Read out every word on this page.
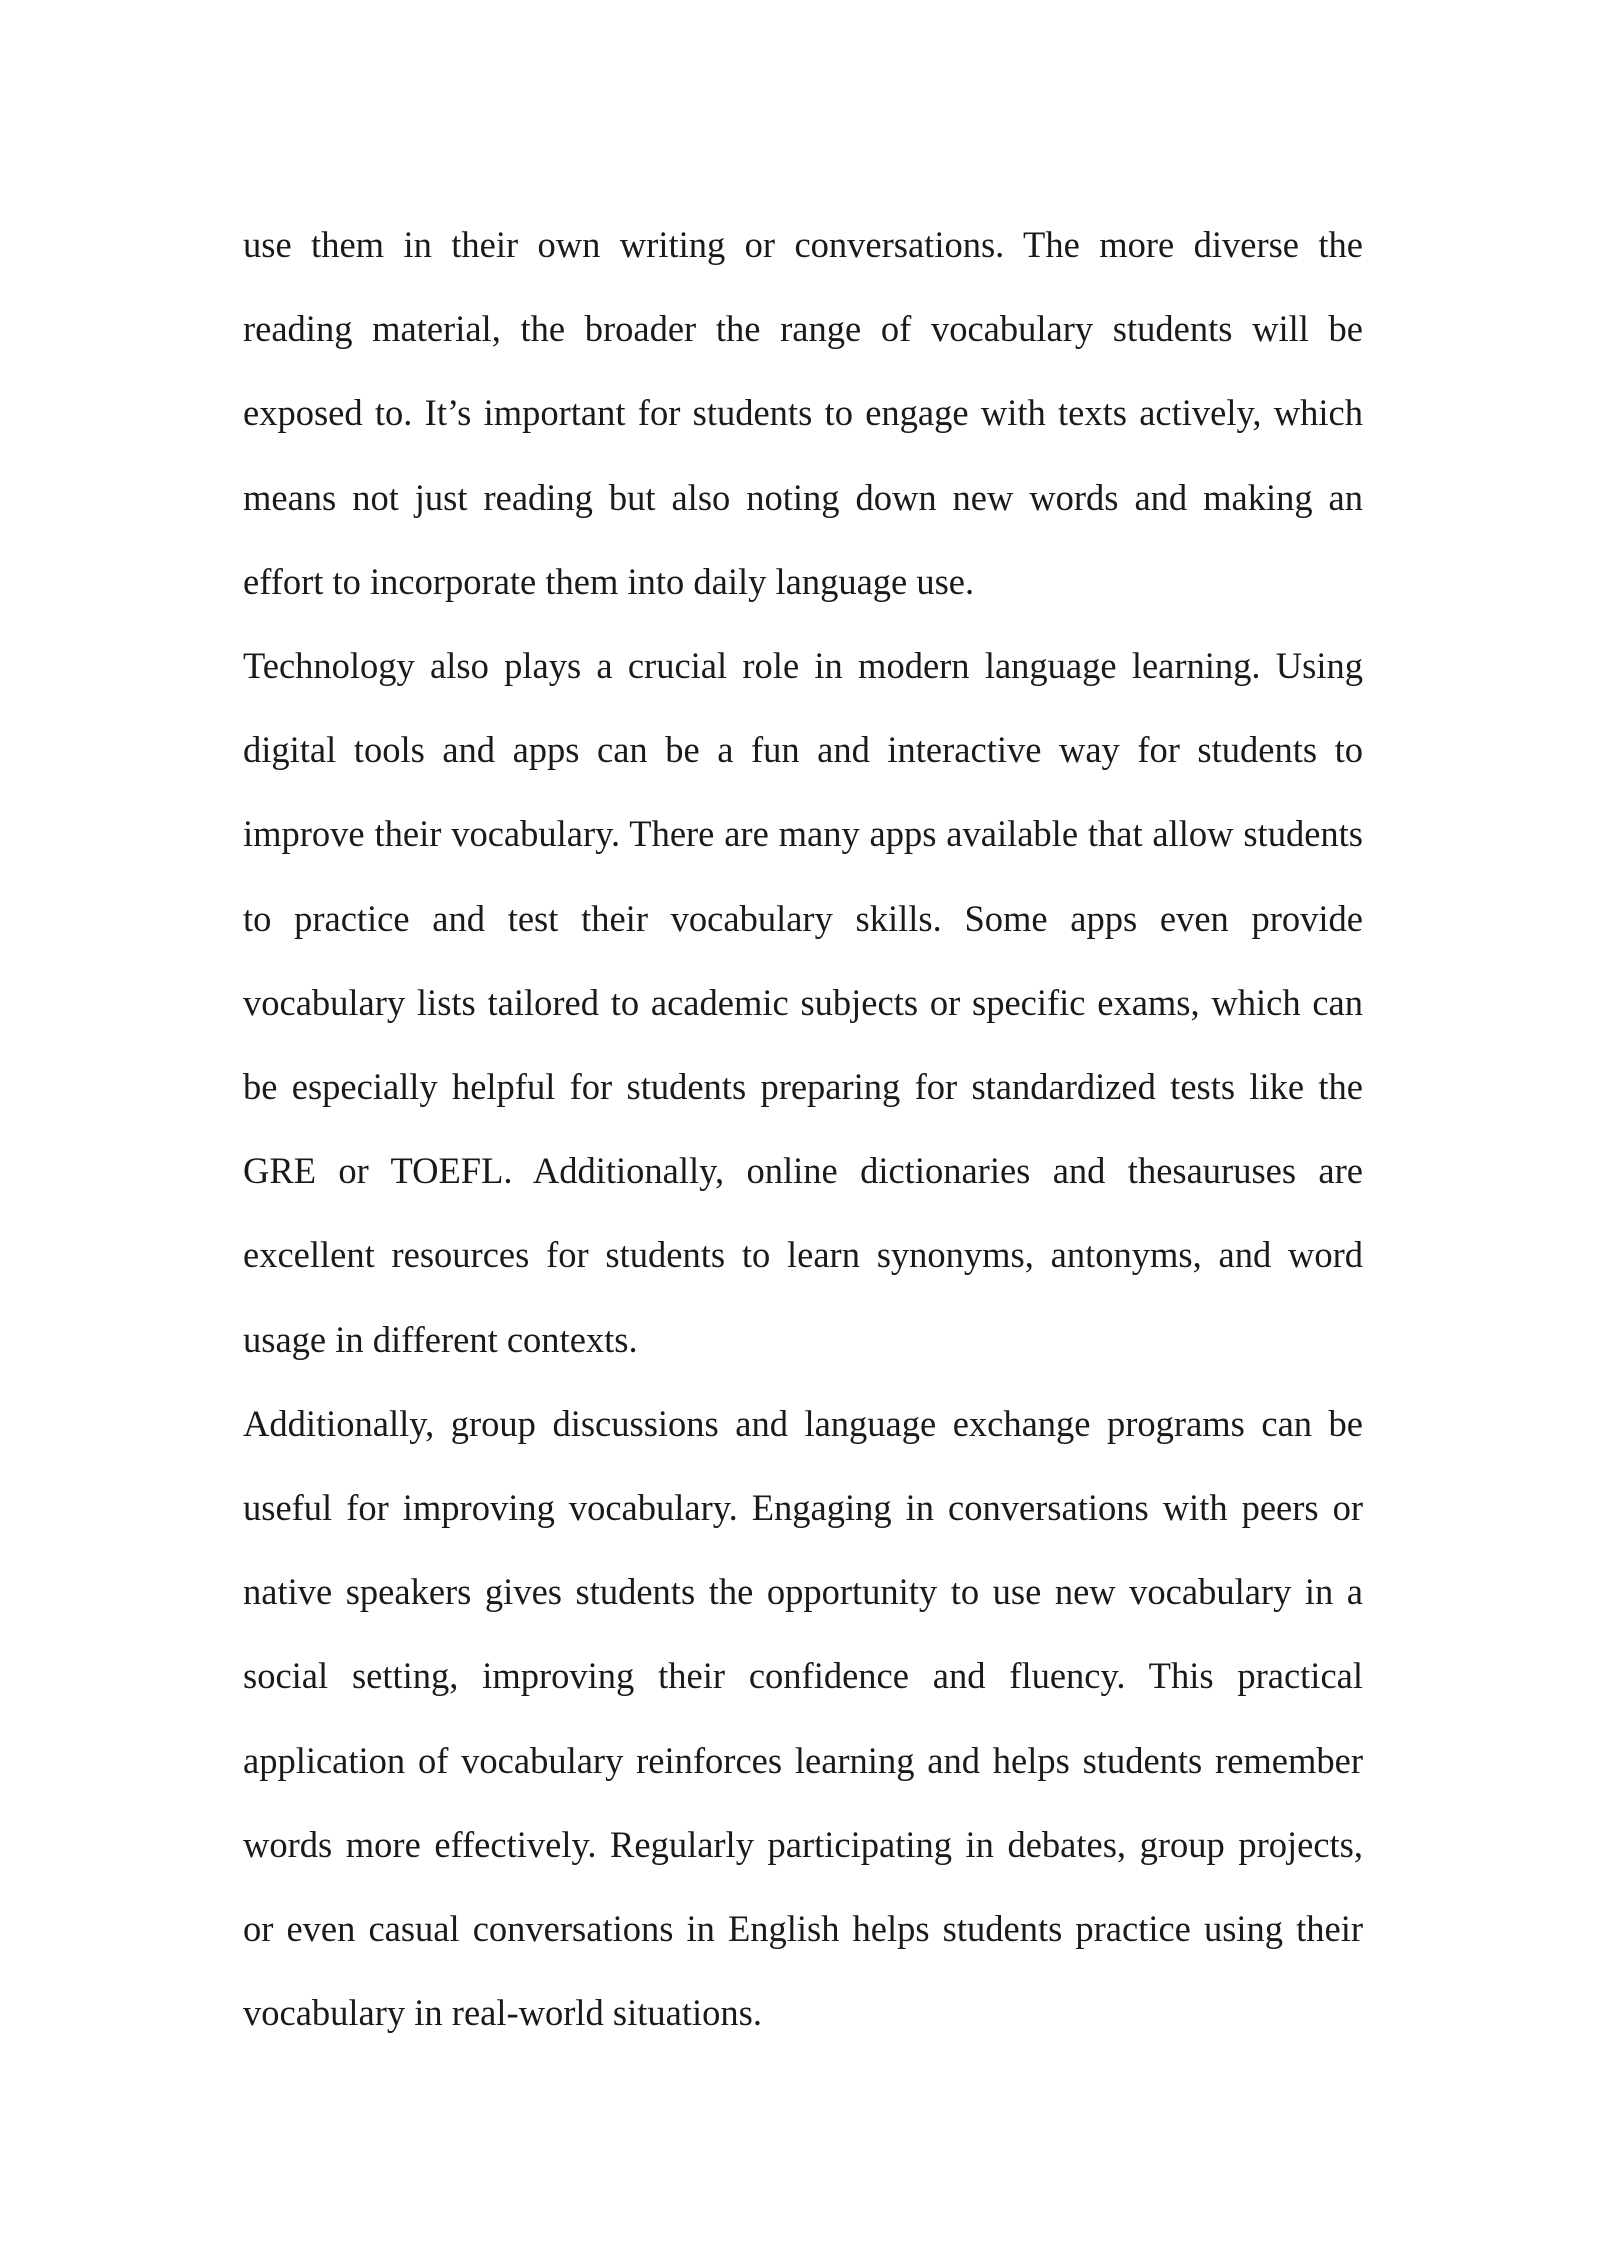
use them in their own writing or conversations. The more diverse the reading material, the broader the range of vocabulary students will be exposed to. It’s important for students to engage with texts actively, which means not just reading but also noting down new words and making an effort to incorporate them into daily language use.

Technology also plays a crucial role in modern language learning. Using digital tools and apps can be a fun and interactive way for students to improve their vocabulary. There are many apps available that allow students to practice and test their vocabulary skills. Some apps even provide vocabulary lists tailored to academic subjects or specific exams, which can be especially helpful for students preparing for standardized tests like the GRE or TOEFL. Additionally, online dictionaries and thesauruses are excellent resources for students to learn synonyms, antonyms, and word usage in different contexts.

Additionally, group discussions and language exchange programs can be useful for improving vocabulary. Engaging in conversations with peers or native speakers gives students the opportunity to use new vocabulary in a social setting, improving their confidence and fluency. This practical application of vocabulary reinforces learning and helps students remember words more effectively. Regularly participating in debates, group projects, or even casual conversations in English helps students practice using their vocabulary in real-world situations.
